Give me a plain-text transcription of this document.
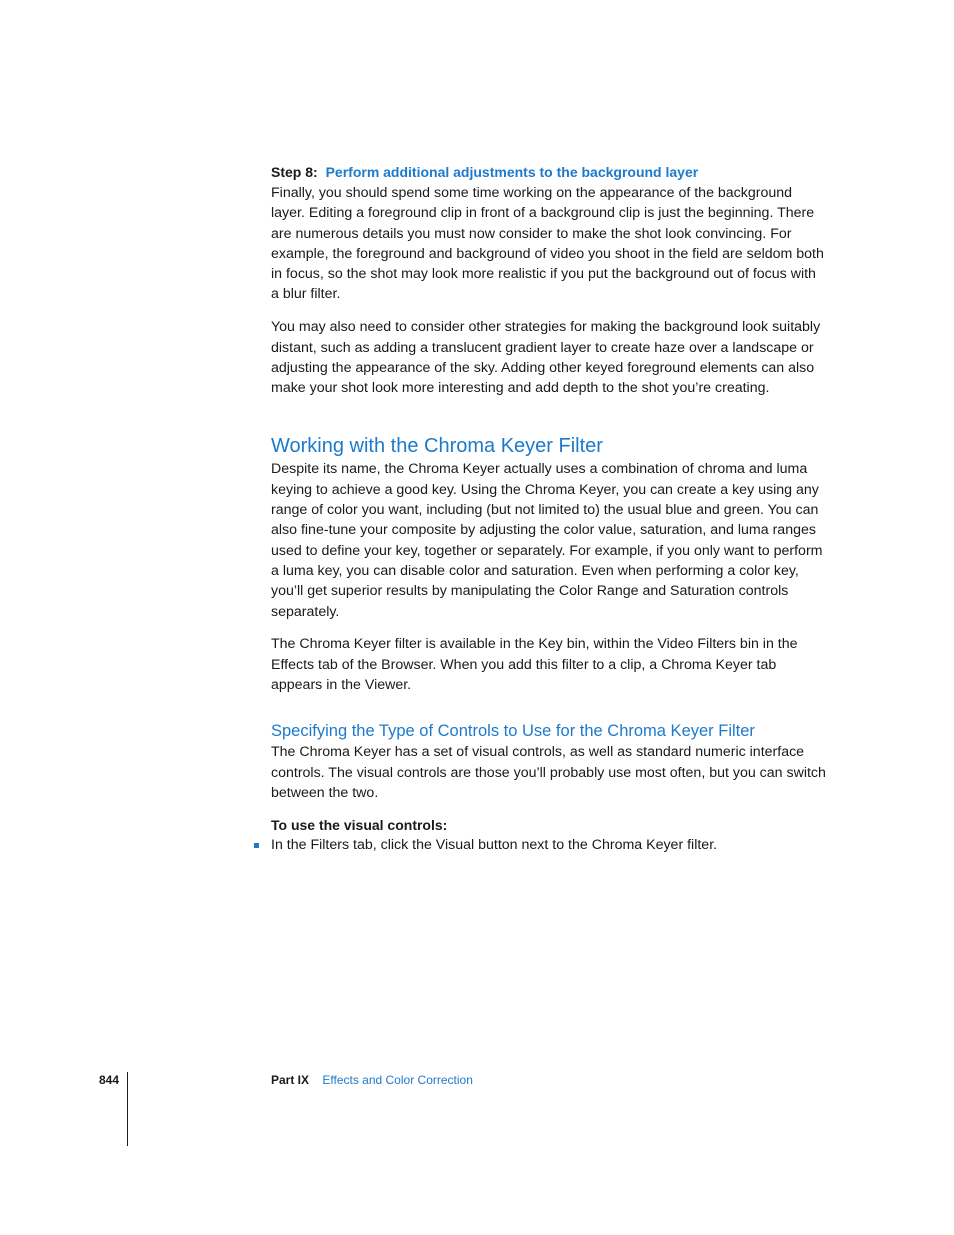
Step 8: Perform additional adjustments to the background layer

Finally, you should spend some time working on the appearance of the background layer. Editing a foreground clip in front of a background clip is just the beginning. There are numerous details you must now consider to make the shot look convincing. For example, the foreground and background of video you shoot in the field are seldom both in focus, so the shot may look more realistic if you put the background out of focus with a blur filter.

You may also need to consider other strategies for making the background look suitably distant, such as adding a translucent gradient layer to create haze over a landscape or adjusting the appearance of the sky. Adding other keyed foreground elements can also make your shot look more interesting and add depth to the shot you’re creating.

Working with the Chroma Keyer Filter

Despite its name, the Chroma Keyer actually uses a combination of chroma and luma keying to achieve a good key. Using the Chroma Keyer, you can create a key using any range of color you want, including (but not limited to) the usual blue and green. You can also fine-tune your composite by adjusting the color value, saturation, and luma ranges used to define your key, together or separately. For example, if you only want to perform a luma key, you can disable color and saturation. Even when performing a color key, you’ll get superior results by manipulating the Color Range and Saturation controls separately.

The Chroma Keyer filter is available in the Key bin, within the Video Filters bin in the Effects tab of the Browser. When you add this filter to a clip, a Chroma Keyer tab appears in the Viewer.

Specifying the Type of Controls to Use for the Chroma Keyer Filter

The Chroma Keyer has a set of visual controls, as well as standard numeric interface controls. The visual controls are those you’ll probably use most often, but you can switch between the two.

To use the visual controls:
In the Filters tab, click the Visual button next to the Chroma Keyer filter.
844	Part IX Effects and Color Correction
